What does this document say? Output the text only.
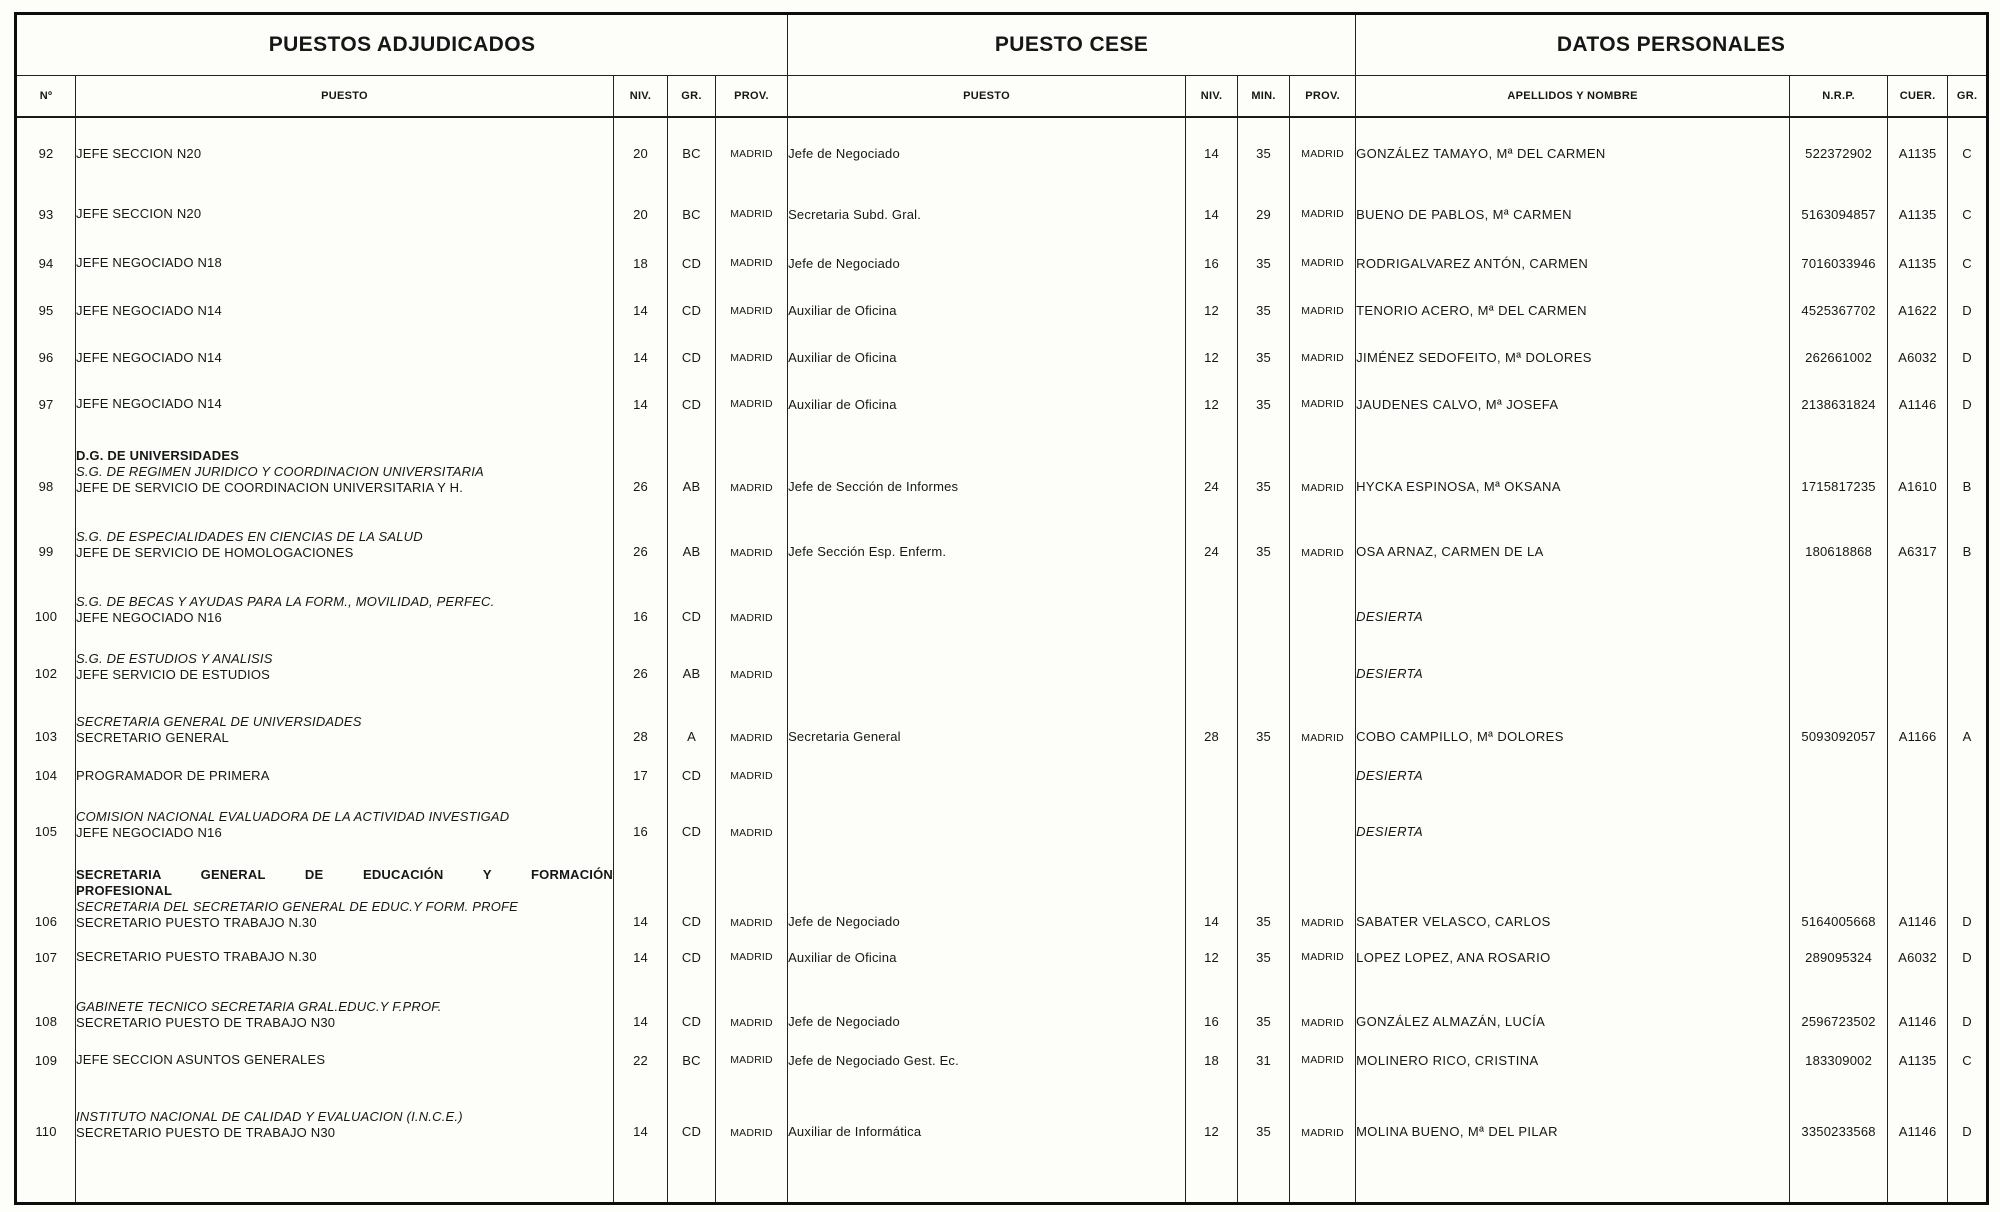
PUESTOS ADJUDICADOS					PUESTO CESE				DATOS PERSONALES			
Nº	PUESTO	NIV.	GR.	PROV.	PUESTO	NIV.	MIN.	PROV.	APELLIDOS Y NOMBRE	N.R.P.	CUER.	GR.
92	JEFE SECCION N20	20	BC	MADRID	Jefe de Negociado	14	35	MADRID	GONZÁLEZ TAMAYO, Mª DEL CARMEN	522372902	A1135	C
93	JEFE SECCION N20	20	BC	MADRID	Secretaria Subd. Gral.	14	29	MADRID	BUENO DE PABLOS, Mª CARMEN	5163094857	A1135	C
94	JEFE NEGOCIADO N18	18	CD	MADRID	Jefe de Negociado	16	35	MADRID	RODRIGALVAREZ ANTÓN, CARMEN	7016033946	A1135	C
95	JEFE NEGOCIADO N14	14	CD	MADRID	Auxiliar de Oficina	12	35	MADRID	TENORIO ACERO, Mª DEL CARMEN	4525367702	A1622	D
96	JEFE NEGOCIADO N14	14	CD	MADRID	Auxiliar de Oficina	12	35	MADRID	JIMÉNEZ SEDOFEITO, Mª DOLORES	262661002	A6032	D
97	JEFE NEGOCIADO N14	14	CD	MADRID	Auxiliar de Oficina	12	35	MADRID	JAUDENES CALVO, Mª JOSEFA	2138631824	A1146	D
98	D.G. DE UNIVERSIDADES
S.G. DE REGIMEN JURIDICO Y COORDINACION UNIVERSITARIA
JEFE DE SERVICIO DE COORDINACION UNIVERSITARIA Y H.	26	AB	MADRID	Jefe de Sección de Informes	24	35	MADRID	HYCKA ESPINOSA, Mª OKSANA	1715817235	A1610	B
99	S.G. DE ESPECIALIDADES EN CIENCIAS DE LA SALUD
JEFE DE SERVICIO DE HOMOLOGACIONES	26	AB	MADRID	Jefe Sección Esp. Enferm.	24	35	MADRID	OSA ARNAZ, CARMEN DE LA	180618868	A6317	B
100	S.G. DE BECAS Y AYUDAS PARA LA FORM., MOVILIDAD, PERFEC.
JEFE NEGOCIADO N16	16	CD	MADRID					DESIERTA			
102	S.G. DE ESTUDIOS Y ANALISIS
JEFE SERVICIO DE ESTUDIOS	26	AB	MADRID					DESIERTA			
103	SECRETARIA GENERAL DE UNIVERSIDADES
SECRETARIO GENERAL	28	A	MADRID	Secretaria General	28	35	MADRID	COBO CAMPILLO, Mª DOLORES	5093092057	A1166	A
104	PROGRAMADOR DE PRIMERA	17	CD	MADRID					DESIERTA			
105	COMISION NACIONAL EVALUADORA DE LA ACTIVIDAD INVESTIGAD
JEFE NEGOCIADO N16	16	CD	MADRID					DESIERTA			
106	SECRETARIA GENERAL DE EDUCACIÓN Y FORMACIÓN PROFESIONAL
SECRETARIA DEL SECRETARIO GENERAL DE EDUC.Y FORM. PROFE
SECRETARIO PUESTO TRABAJO N.30	14	CD	MADRID	Jefe de Negociado	14	35	MADRID	SABATER VELASCO, CARLOS	5164005668	A1146	D
107	SECRETARIO PUESTO TRABAJO N.30	14	CD	MADRID	Auxiliar de Oficina	12	35	MADRID	LOPEZ LOPEZ, ANA ROSARIO	289095324	A6032	D
108	GABINETE TECNICO SECRETARIA GRAL.EDUC.Y F.PROF.
SECRETARIO PUESTO DE TRABAJO N30	14	CD	MADRID	Jefe de Negociado	16	35	MADRID	GONZÁLEZ ALMAZÁN, LUCÍA	2596723502	A1146	D
109	JEFE SECCION ASUNTOS GENERALES	22	BC	MADRID	Jefe de Negociado Gest. Ec.	18	31	MADRID	MOLINERO RICO, CRISTINA	183309002	A1135	C
110	INSTITUTO NACIONAL DE CALIDAD Y EVALUACION (I.N.C.E.)
SECRETARIO PUESTO DE TRABAJO N30	14	CD	MADRID	Auxiliar de Informática	12	35	MADRID	MOLINA BUENO, Mª DEL PILAR	3350233568	A1146	D
